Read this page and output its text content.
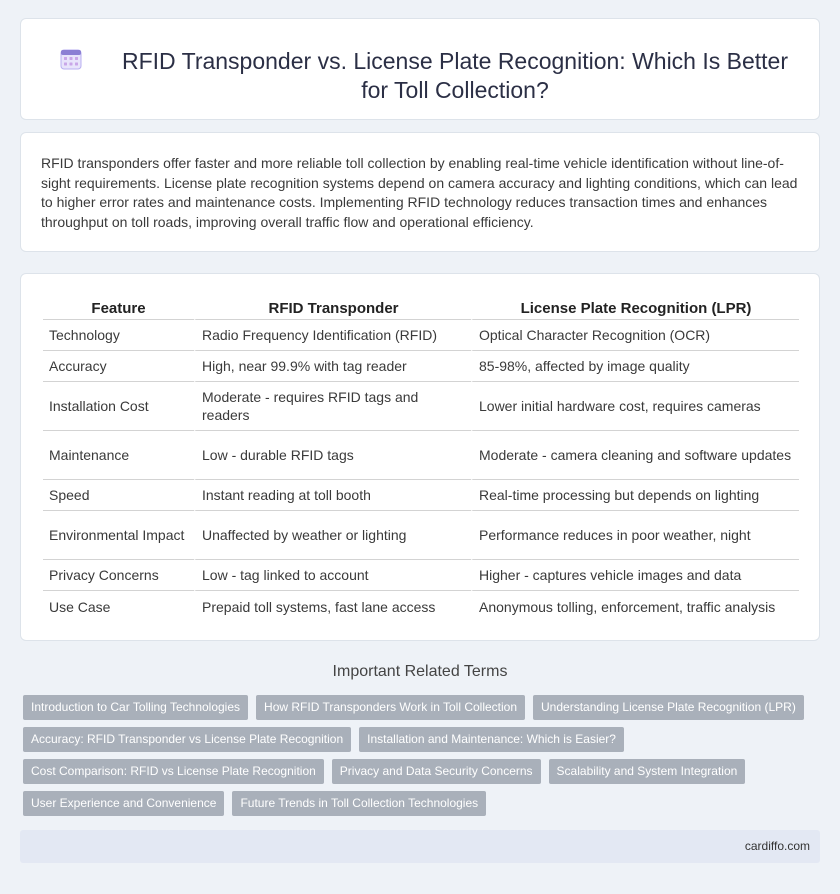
RFID Transponder vs. License Plate Recognition: Which Is Better for Toll Collection?

RFID transponders offer faster and more reliable toll collection by enabling real-time vehicle identification without line-of-sight requirements. License plate recognition systems depend on camera accuracy and lighting conditions, which can lead to higher error rates and maintenance costs. Implementing RFID technology reduces transaction times and enhances throughput on toll roads, improving overall traffic flow and operational efficiency.

Feature	RFID Transponder	License Plate Recognition (LPR)
Technology	Radio Frequency Identification (RFID)	Optical Character Recognition (OCR)
Accuracy	High, near 99.9% with tag reader	85-98%, affected by image quality
Installation Cost	Moderate - requires RFID tags and readers	Lower initial hardware cost, requires cameras
Maintenance	Low - durable RFID tags	Moderate - camera cleaning and software updates
Speed	Instant reading at toll booth	Real-time processing but depends on lighting
Environmental Impact	Unaffected by weather or lighting	Performance reduces in poor weather, night
Privacy Concerns	Low - tag linked to account	Higher - captures vehicle images and data
Use Case	Prepaid toll systems, fast lane access	Anonymous tolling, enforcement, traffic analysis
Important Related Terms
Introduction to Car Tolling Technologies	How RFID Transponders Work in Toll Collection	Understanding License Plate Recognition (LPR)
Accuracy: RFID Transponder vs License Plate Recognition	Installation and Maintenance: Which is Easier?
Cost Comparison: RFID vs License Plate Recognition	Privacy and Data Security Concerns	Scalability and System Integration
User Experience and Convenience	Future Trends in Toll Collection Technologies
cardiffo.com
